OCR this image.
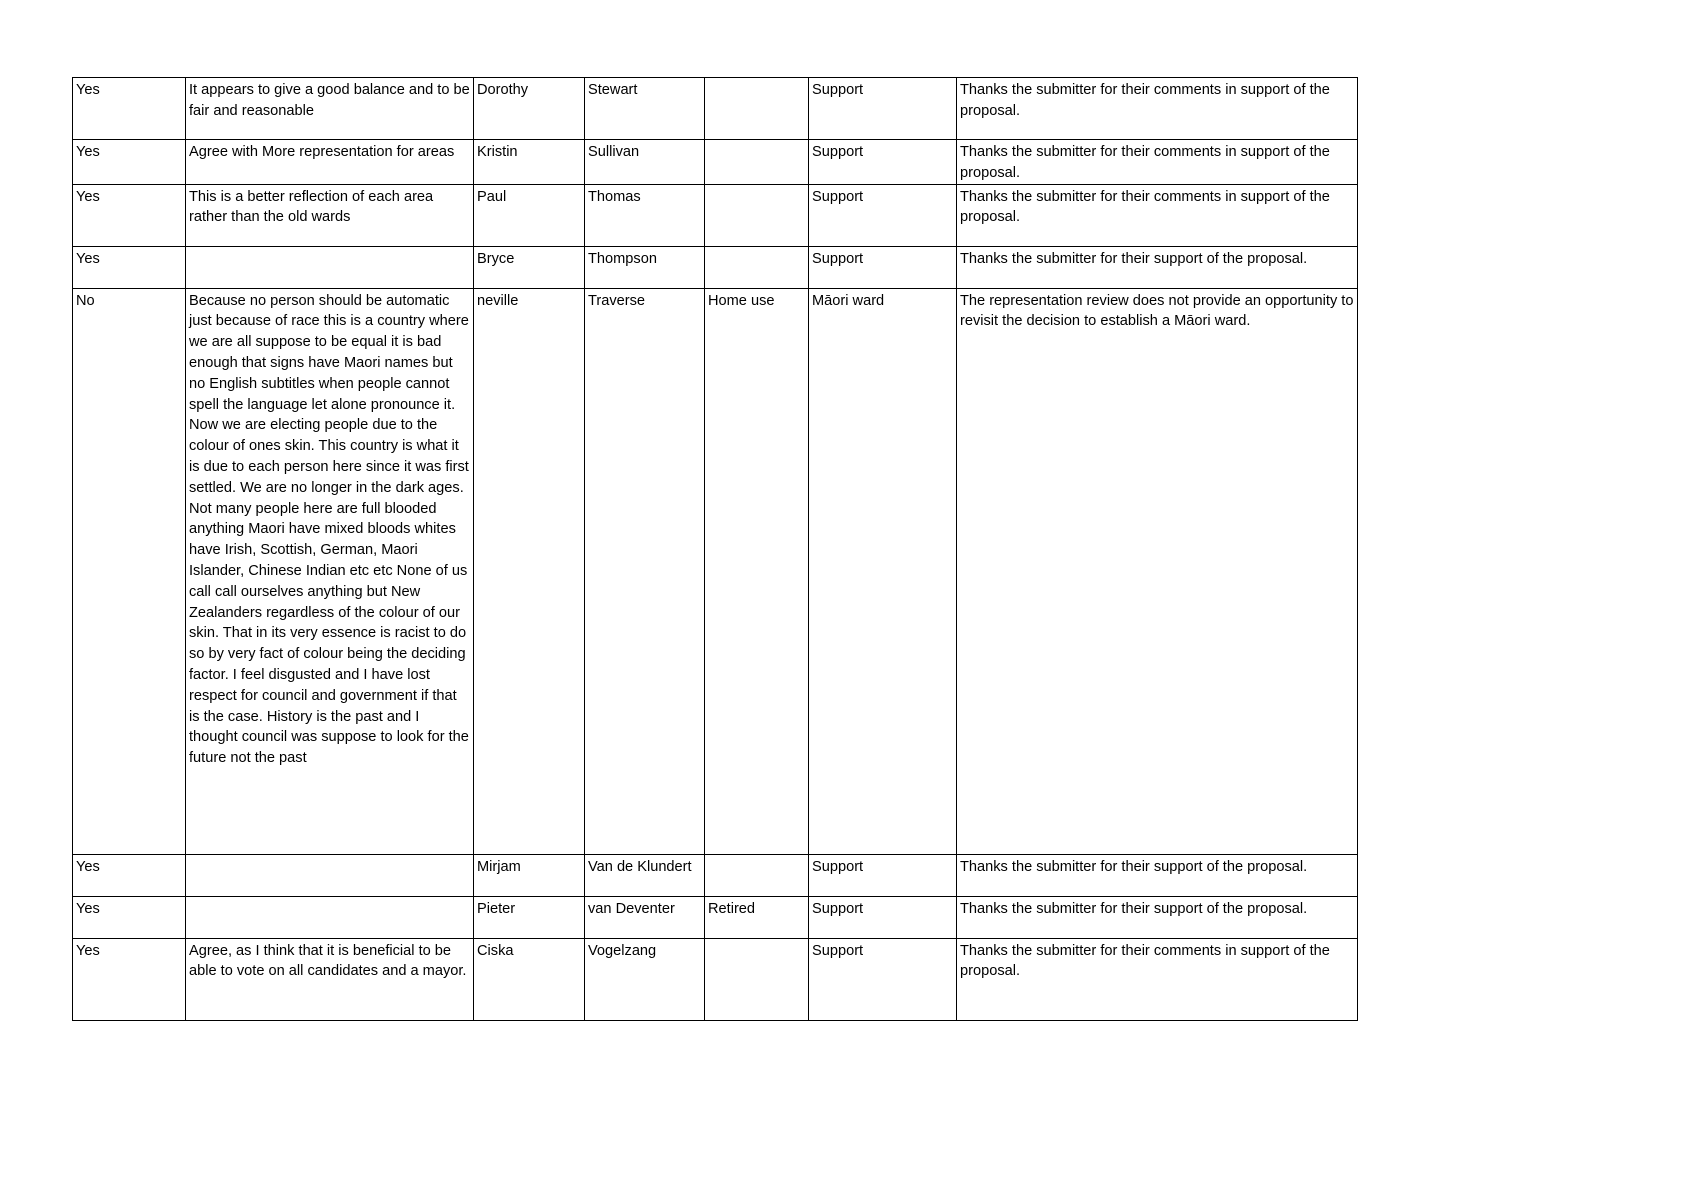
Yes	It appears to give a good balance and to be fair and reasonable	Dorothy	Stewart		Support	Thanks the submitter for their comments in support of the proposal.
Yes	Agree with More representation for areas	Kristin	Sullivan		Support	Thanks the submitter for their comments in support of the proposal.
Yes	This is a better reflection of each area rather than the old wards	Paul	Thomas		Support	Thanks the submitter for their comments in support of the proposal.
Yes		Bryce	Thompson		Support	Thanks the submitter for their support of the proposal.
No	Because no person should be automatic just because of race this is a country where we are all suppose to be equal it is bad enough that signs have Maori names but no English subtitles when people cannot spell the language let alone pronounce it. Now we are electing people due to the colour of ones skin. This country is what it is due to each person here since it was first settled. We are no longer in the dark ages. Not many people here are full blooded anything Maori have mixed bloods whites have Irish, Scottish, German, Maori Islander, Chinese Indian etc etc None of us call call ourselves anything but New Zealanders regardless of the colour of our skin. That in its very essence is racist to do so by very fact of colour being the deciding factor. I feel disgusted and I have lost respect for council and government if that is the case. History is the past and I thought council was suppose to look for the future not the past	neville	Traverse	Home use	Māori ward	The representation review does not provide an opportunity to revisit the decision to establish a Māori ward.
Yes		Mirjam	Van de Klundert		Support	Thanks the submitter for their support of the proposal.
Yes		Pieter	van Deventer	Retired	Support	Thanks the submitter for their support of the proposal.
Yes	Agree, as I think that it is beneficial to be able to vote on all candidates and a mayor.	Ciska	Vogelzang		Support	Thanks the submitter for their comments in support of the proposal.
